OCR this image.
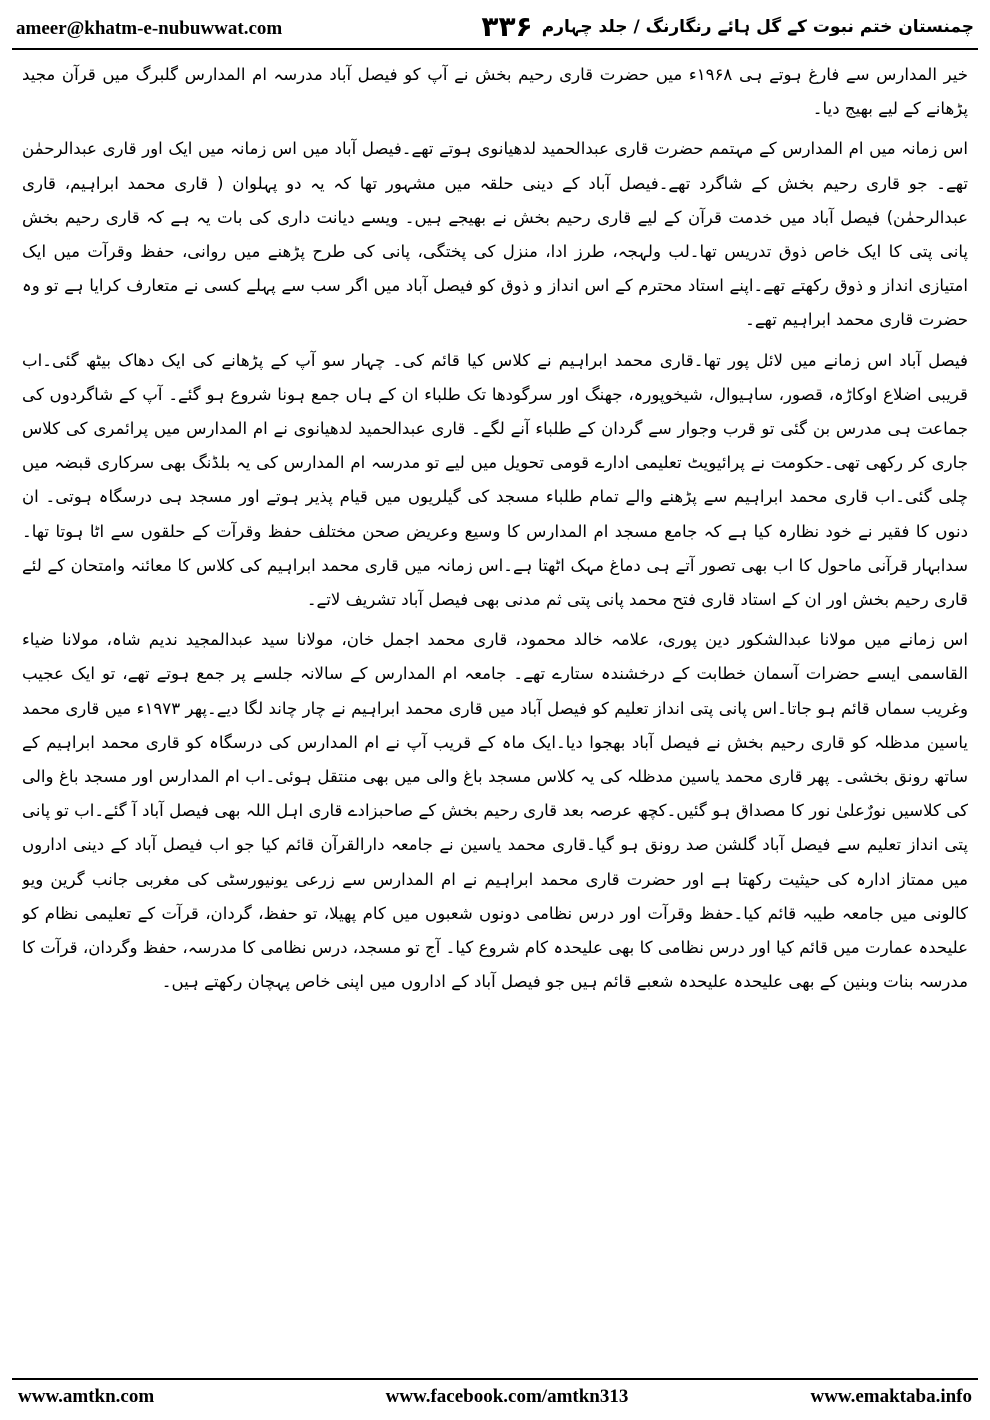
ameer@khatm-e-nubuwwat.com	۳۳۶ چمنستان ختم نبوت کے گل ہائے رنگارنگ / جلد چہارم

خیر المدارس سے فارغ ہوتے ہی ۱۹۶۸ء میں حضرت قاری رحیم بخش نے آپ کو فیصل آباد مدرسہ ام المدارس گلبرگ میں قرآن مجید پڑھانے کے لیے بھیج دیا۔

اس زمانہ میں ام المدارس کے مہتمم حضرت قاری عبدالحمید لدھیانوی ہوتے تھے۔فیصل آباد میں اس زمانہ میں ایک اور قاری عبدالرحمٰن تھے۔ جو قاری رحیم بخش کے شاگرد تھے۔فیصل آباد کے دینی حلقہ میں مشہور تھا کہ یہ دو پہلوان ( قاری محمد ابراہیم، قاری عبدالرحمٰن) فیصل آباد میں خدمت قرآن کے لیے قاری رحیم بخش نے بھیجے ہیں۔ ویسے دیانت داری کی بات یہ ہے کہ قاری رحیم بخش پانی پتی کا ایک خاص ذوق تدریس تھا۔لب ولہجہ، طرز ادا، منزل کی پختگی، پانی کی طرح پڑھنے میں روانی، حفظ وقرآت میں ایک امتیازی انداز و ذوق رکھتے تھے۔اپنے استاد محترم کے اس انداز و ذوق کو فیصل آباد میں اگر سب سے پہلے کسی نے متعارف کرایا ہے تو وہ حضرت قاری محمد ابراہیم تھے۔

فیصل آباد اس زمانے میں لائل پور تھا۔قاری محمد ابراہیم نے کلاس کیا قائم کی۔ چہار سو آپ کے پڑھانے کی ایک دھاک بیٹھ گئی۔اب قریبی اضلاع اوکاڑہ، قصور، ساہیوال، شیخوپورہ، جھنگ اور سرگودھا تک طلباء ان کے ہاں جمع ہونا شروع ہو گئے۔ آپ کے شاگردوں کی جماعت ہی مدرس بن گئی تو قرب وجوار سے گردان کے طلباء آنے لگے۔ قاری عبدالحمید لدھیانوی نے ام المدارس میں پرائمری کی کلاس جاری کر رکھی تھی۔حکومت نے پرائیویٹ تعلیمی ادارے قومی تحویل میں لیے تو مدرسہ ام المدارس کی یہ بلڈنگ بھی سرکاری قبضہ میں چلی گئی۔اب قاری محمد ابراہیم سے پڑھنے والے تمام طلباء مسجد کی گیلریوں میں قیام پذیر ہوتے اور مسجد ہی درسگاہ ہوتی۔ ان دنوں کا فقیر نے خود نظارہ کیا ہے کہ جامع مسجد ام المدارس کا وسیع وعریض صحن مختلف حفظ وقرآت کے حلقوں سے اٹا ہوتا تھا۔سدابہار قرآنی ماحول کا اب بھی تصور آتے ہی دماغ مہک اٹھتا ہے۔اس زمانہ میں قاری محمد ابراہیم کی کلاس کا معائنہ وامتحان کے لئے قاری رحیم بخش اور ان کے استاد قاری فتح محمد پانی پتی ثم مدنی بھی فیصل آباد تشریف لاتے۔

اس زمانے میں مولانا عبدالشکور دین پوری، علامہ خالد محمود، قاری محمد اجمل خان، مولانا سید عبدالمجید ندیم شاہ، مولانا ضیاء القاسمی ایسے حضرات آسمان خطابت کے درخشندہ ستارے تھے۔ جامعہ ام المدارس کے سالانہ جلسے پر جمع ہوتے تھے، تو ایک عجیب وغریب سماں قائم ہو جاتا۔اس پانی پتی انداز تعلیم کو فیصل آباد میں قاری محمد ابراہیم نے چار چاند لگا دیے۔پھر ۱۹۷۳ء میں قاری محمد یاسین مدظلہ کو قاری رحیم بخش نے فیصل آباد بھجوا دیا۔ایک ماہ کے قریب آپ نے ام المدارس کی درسگاہ کو قاری محمد ابراہیم کے ساتھ رونق بخشی۔ پھر قاری محمد یاسین مدظلہ کی یہ کلاس مسجد باغ والی میں بھی منتقل ہوئی۔اب ام المدارس اور مسجد باغ والی کی کلاسیں نورٌعلیٰ نور کا مصداق ہو گئیں۔کچھ عرصہ بعد قاری رحیم بخش کے صاحبزادے قاری اہل اللہ بھی فیصل آباد آ گئے۔اب تو پانی پتی انداز تعلیم سے فیصل آباد گلشن صد رونق ہو گیا۔قاری محمد یاسین نے جامعہ دارالقرآن قائم کیا جو اب فیصل آباد کے دینی اداروں میں ممتاز ادارہ کی حیثیت رکھتا ہے اور حضرت قاری محمد ابراہیم نے ام المدارس سے زرعی یونیورسٹی کی مغربی جانب گرین ویو کالونی میں جامعہ طیبہ قائم کیا۔حفظ وقرآت اور درس نظامی دونوں شعبوں میں کام پھیلا، تو حفظ، گردان، قرآت کے تعلیمی نظام کو علیحدہ عمارت میں قائم کیا اور درس نظامی کا بھی علیحدہ کام شروع کیا۔ آج تو مسجد، درس نظامی کا مدرسہ، حفظ وگردان، قرآت کا مدرسہ بنات وبنین کے بھی علیحدہ علیحدہ شعبے قائم ہیں جو فیصل آباد کے اداروں میں اپنی خاص پہچان رکھتے ہیں۔

www.amtkn.com	www.facebook.com/amtkn313	www.emaktaba.info
